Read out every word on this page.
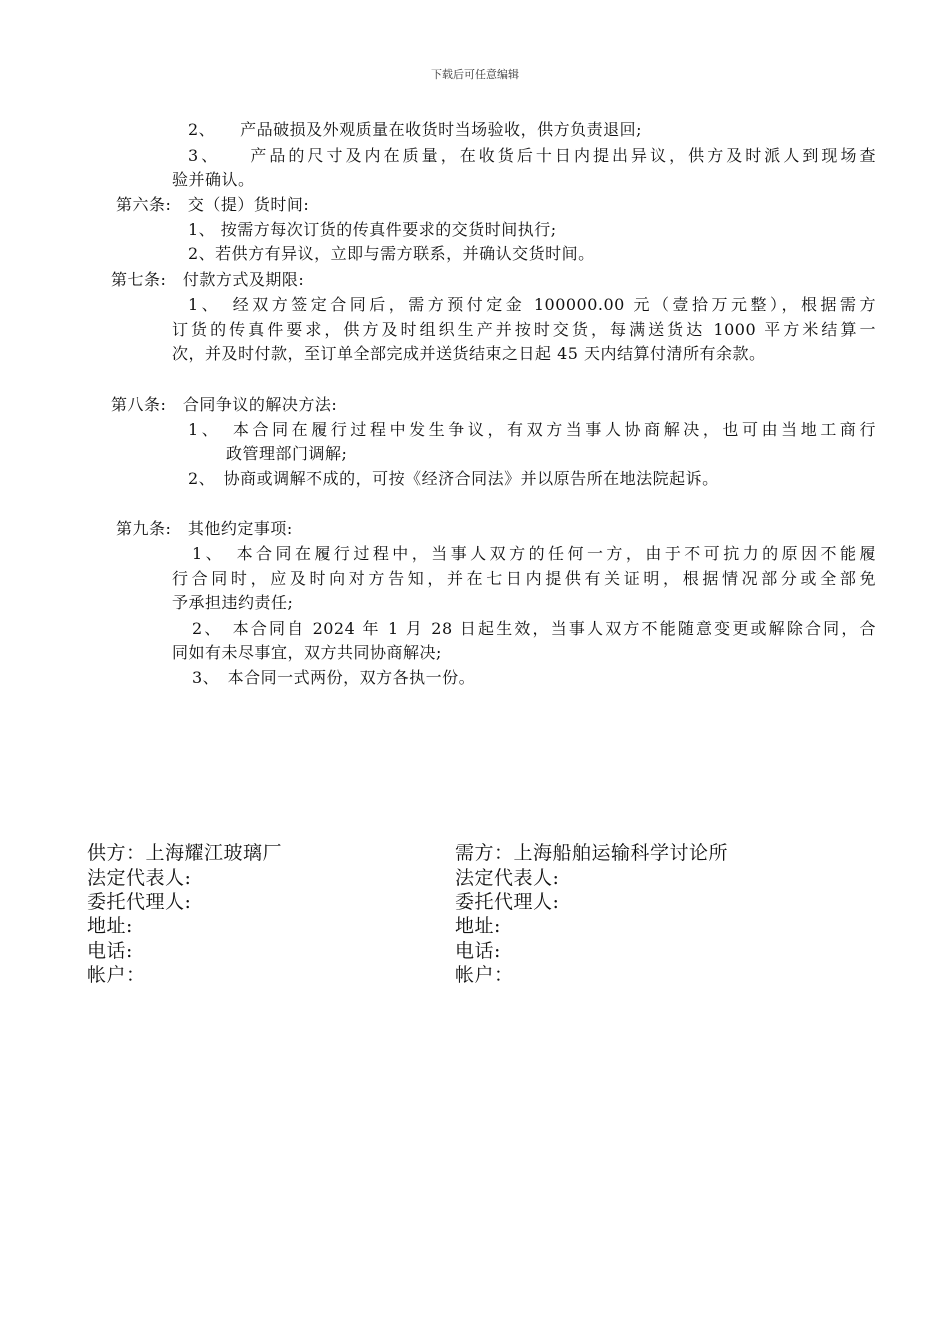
下载后可任意编辑
2、　　产品破损及外观质量在收货时当场验收，供方负责退回;
3、　　产品的尺寸及内在质量，在收货后十日内提出异议，供方及时派人到现场查
验并确认。
第六条:　交（提）货时间:
1、 按需方每次订货的传真件要求的交货时间执行;
2、若供方有异议，立即与需方联系，并确认交货时间。
第七条:　付款方式及期限:
1、　经双方签定合同后，需方预付定金 100000.00 元（壹拾万元整），根据需方
订货的传真件要求，供方及时组织生产并按时交货，每满送货达 1000 平方米结算一
次，并及时付款，至订单全部完成并送货结束之日起 45 天内结算付清所有余款。
第八条:　合同争议的解决方法:
1、　本合同在履行过程中发生争议，有双方当事人协商解决，也可由当地工商行
政管理部门调解;
2、　协商或调解不成的，可按《经济合同法》并以原告所在地法院起诉。
第九条:　其他约定事项:
1、　本合同在履行过程中，当事人双方的任何一方，由于不可抗力的原因不能履
行合同时，应及时向对方告知，并在七日内提供有关证明，根据情况部分或全部免
予承担违约责任;
2、　本合同自 2024 年 1 月 28 日起生效，当事人双方不能随意变更或解除合同，合
同如有未尽事宜，双方共同协商解决;
3、　本合同一式两份，双方各执一份。
供方：上海耀江玻璃厂
法定代表人:
委托代理人:
地址:
电话:
帐户：
需方：上海船舶运输科学讨论所
法定代表人:
委托代理人:
地址:
电话:
帐户：
